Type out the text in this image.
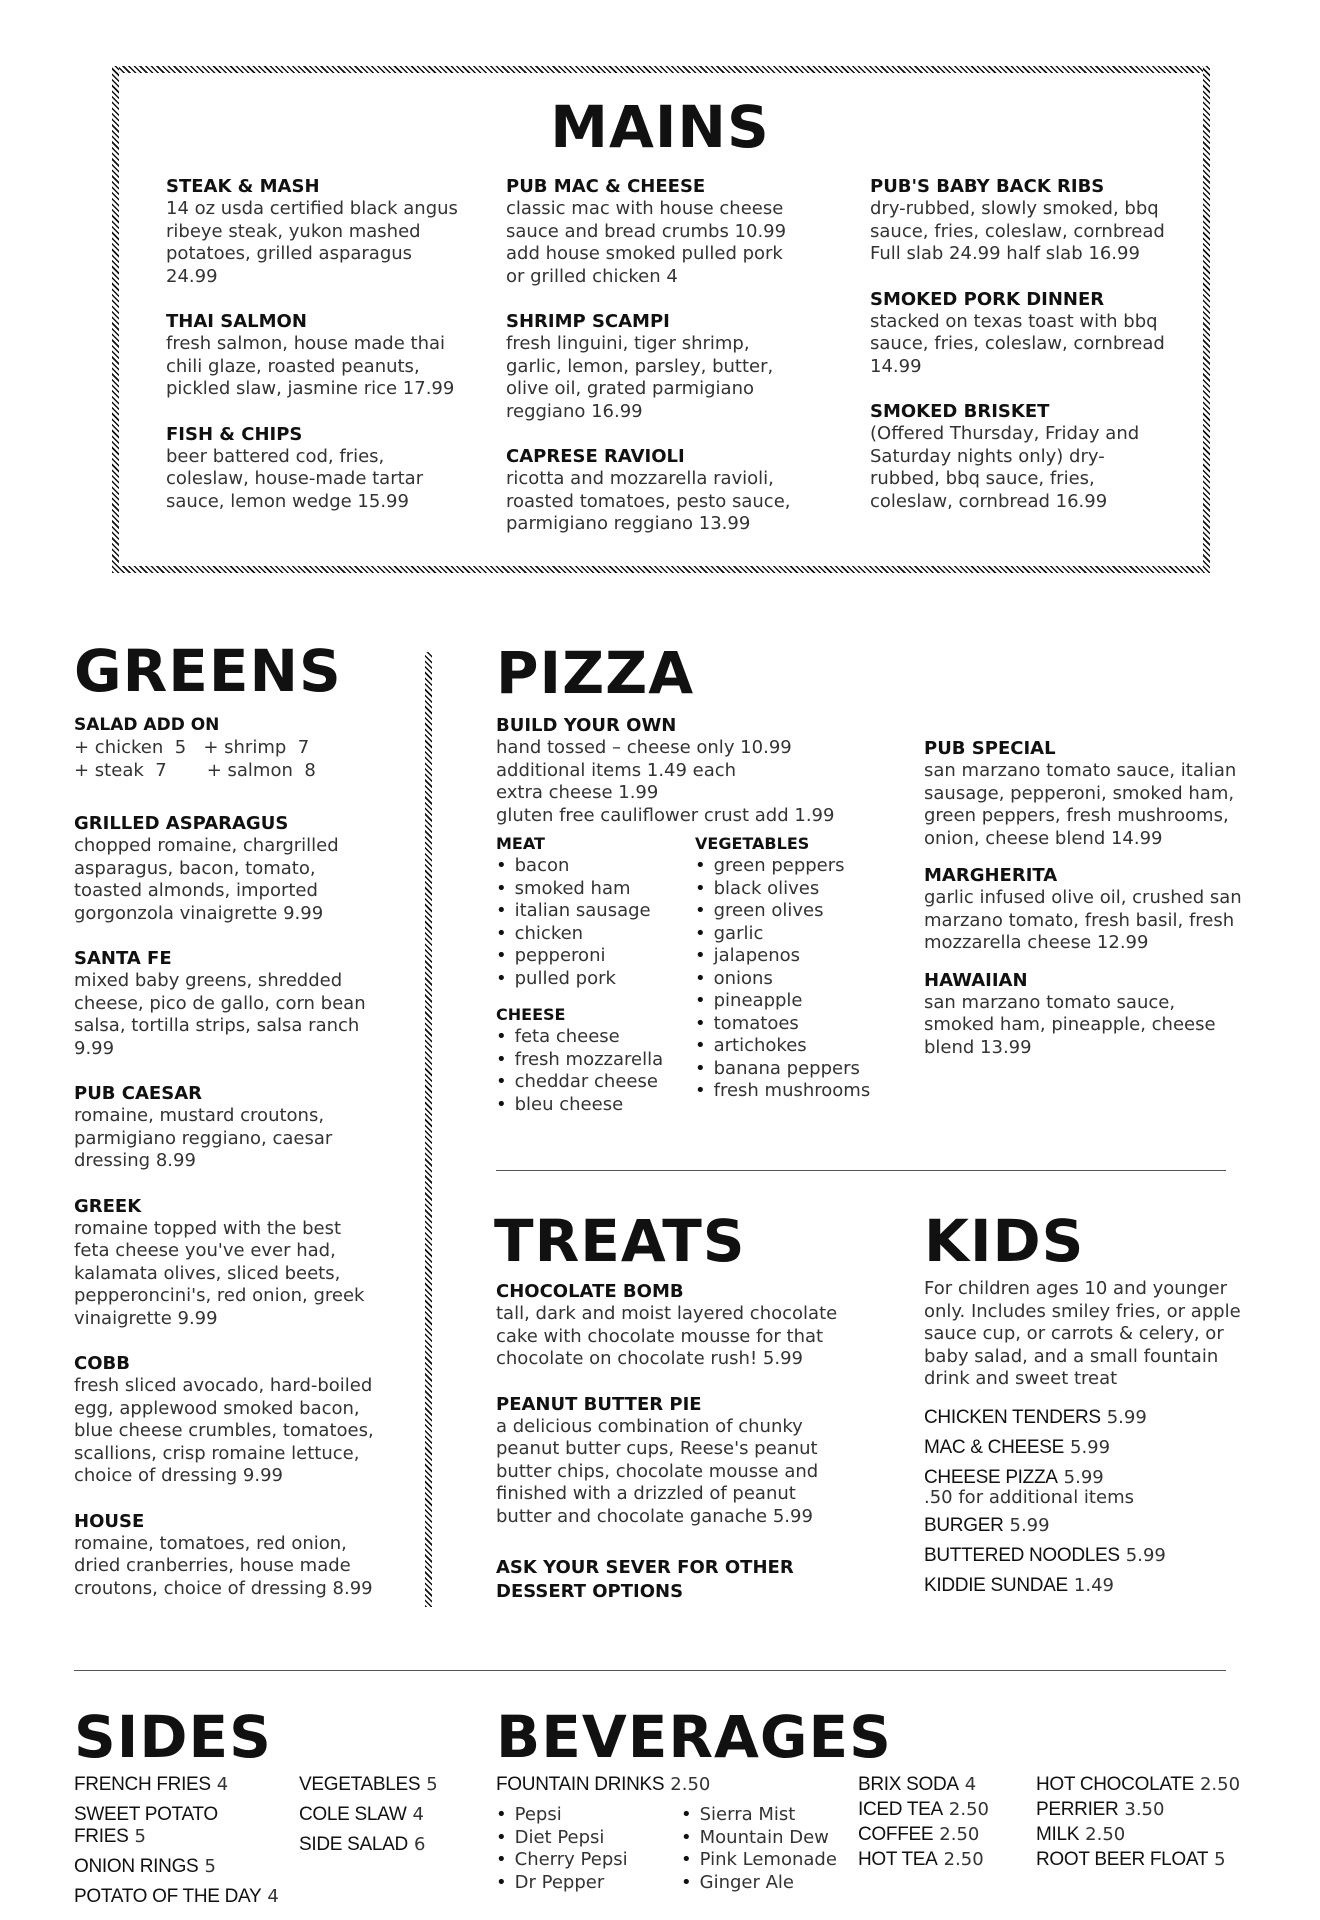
MAINS
STEAK & MASH
14 oz usda certified black angus ribeye steak, yukon mashed potatoes, grilled asparagus 24.99
THAI SALMON
fresh salmon, house made thai chili glaze, roasted peanuts, pickled slaw, jasmine rice 17.99
FISH & CHIPS
beer battered cod, fries, coleslaw, house-made tartar sauce, lemon wedge 15.99
PUB MAC & CHEESE
classic mac with house cheese sauce and bread crumbs 10.99 add house smoked pulled pork or grilled chicken 4
SHRIMP SCAMPI
fresh linguini, tiger shrimp, garlic, lemon, parsley, butter, olive oil, grated parmigiano reggiano 16.99
CAPRESE RAVIOLI
ricotta and mozzarella ravioli, roasted tomatoes, pesto sauce, parmigiano reggiano 13.99
PUB'S BABY BACK RIBS
dry-rubbed, slowly smoked, bbq sauce, fries, coleslaw, cornbread Full slab 24.99 half slab 16.99
SMOKED PORK DINNER
stacked on texas toast with bbq sauce, fries, coleslaw, cornbread 14.99
SMOKED BRISKET
(Offered Thursday, Friday and Saturday nights only) dry-rubbed, bbq sauce, fries, coleslaw, cornbread 16.99
GREENS
SALAD ADD ON
+ chicken  5   + shrimp  7
+ steak  7       + salmon  8
GRILLED ASPARAGUS
chopped romaine, chargrilled asparagus, bacon, tomato, toasted almonds, imported gorgonzola vinaigrette 9.99
SANTA FE
mixed baby greens, shredded cheese, pico de gallo, corn bean salsa, tortilla strips, salsa ranch 9.99
PUB CAESAR
romaine, mustard croutons, parmigiano reggiano, caesar dressing 8.99
GREEK
romaine topped with the best feta cheese you've ever had, kalamata olives, sliced beets, pepperoncini's, red onion, greek vinaigrette 9.99
COBB
fresh sliced avocado, hard-boiled egg, applewood smoked bacon, blue cheese crumbles, tomatoes, scallions, crisp romaine lettuce, choice of dressing 9.99
HOUSE
romaine, tomatoes, red onion, dried cranberries, house made croutons, choice of dressing 8.99
PIZZA
BUILD YOUR OWN
hand tossed – cheese only 10.99
additional items 1.49 each
extra cheese 1.99
gluten free cauliflower crust add 1.99
MEAT
• bacon
• smoked ham
• italian sausage
• chicken
• pepperoni
• pulled pork
CHEESE
• feta cheese
• fresh mozzarella
• cheddar cheese
• bleu cheese
VEGETABLES
• green peppers
• black olives
• green olives
• garlic
• jalapenos
• onions
• pineapple
• tomatoes
• artichokes
• banana peppers
• fresh mushrooms
PUB SPECIAL
san marzano tomato sauce, italian sausage, pepperoni, smoked ham, green peppers, fresh mushrooms, onion, cheese blend 14.99
MARGHERITA
garlic infused olive oil, crushed san marzano tomato, fresh basil, fresh mozzarella cheese 12.99
HAWAIIAN
san marzano tomato sauce, smoked ham, pineapple, cheese blend 13.99
TREATS
CHOCOLATE BOMB
tall, dark and moist layered chocolate cake with chocolate mousse for that chocolate on chocolate rush! 5.99
PEANUT BUTTER PIE
a delicious combination of chunky peanut butter cups, Reese's peanut butter chips, chocolate mousse and finished with a drizzled of peanut butter and chocolate ganache 5.99
ASK YOUR SEVER FOR OTHER DESSERT OPTIONS
KIDS
For children ages 10 and younger only. Includes smiley fries, or apple sauce cup, or carrots & celery, or baby salad, and a small fountain drink and sweet treat
CHICKEN TENDERS 5.99
MAC & CHEESE 5.99
CHEESE PIZZA 5.99
.50 for additional items
BURGER 5.99
BUTTERED NOODLES 5.99
KIDDIE SUNDAE 1.49
SIDES
FRENCH FRIES 4
SWEET POTATO FRIES 5
ONION RINGS 5
POTATO OF THE DAY 4
VEGETABLES 5
COLE SLAW 4
SIDE SALAD 6
BEVERAGES
FOUNTAIN DRINKS 2.50
• Pepsi
• Diet Pepsi
• Cherry Pepsi
• Dr Pepper
• Sierra Mist
• Mountain Dew
• Pink Lemonade
• Ginger Ale
BRIX SODA 4
ICED TEA 2.50
COFFEE 2.50
HOT TEA 2.50
HOT CHOCOLATE 2.50
PERRIER 3.50
MILK 2.50
ROOT BEER FLOAT 5
